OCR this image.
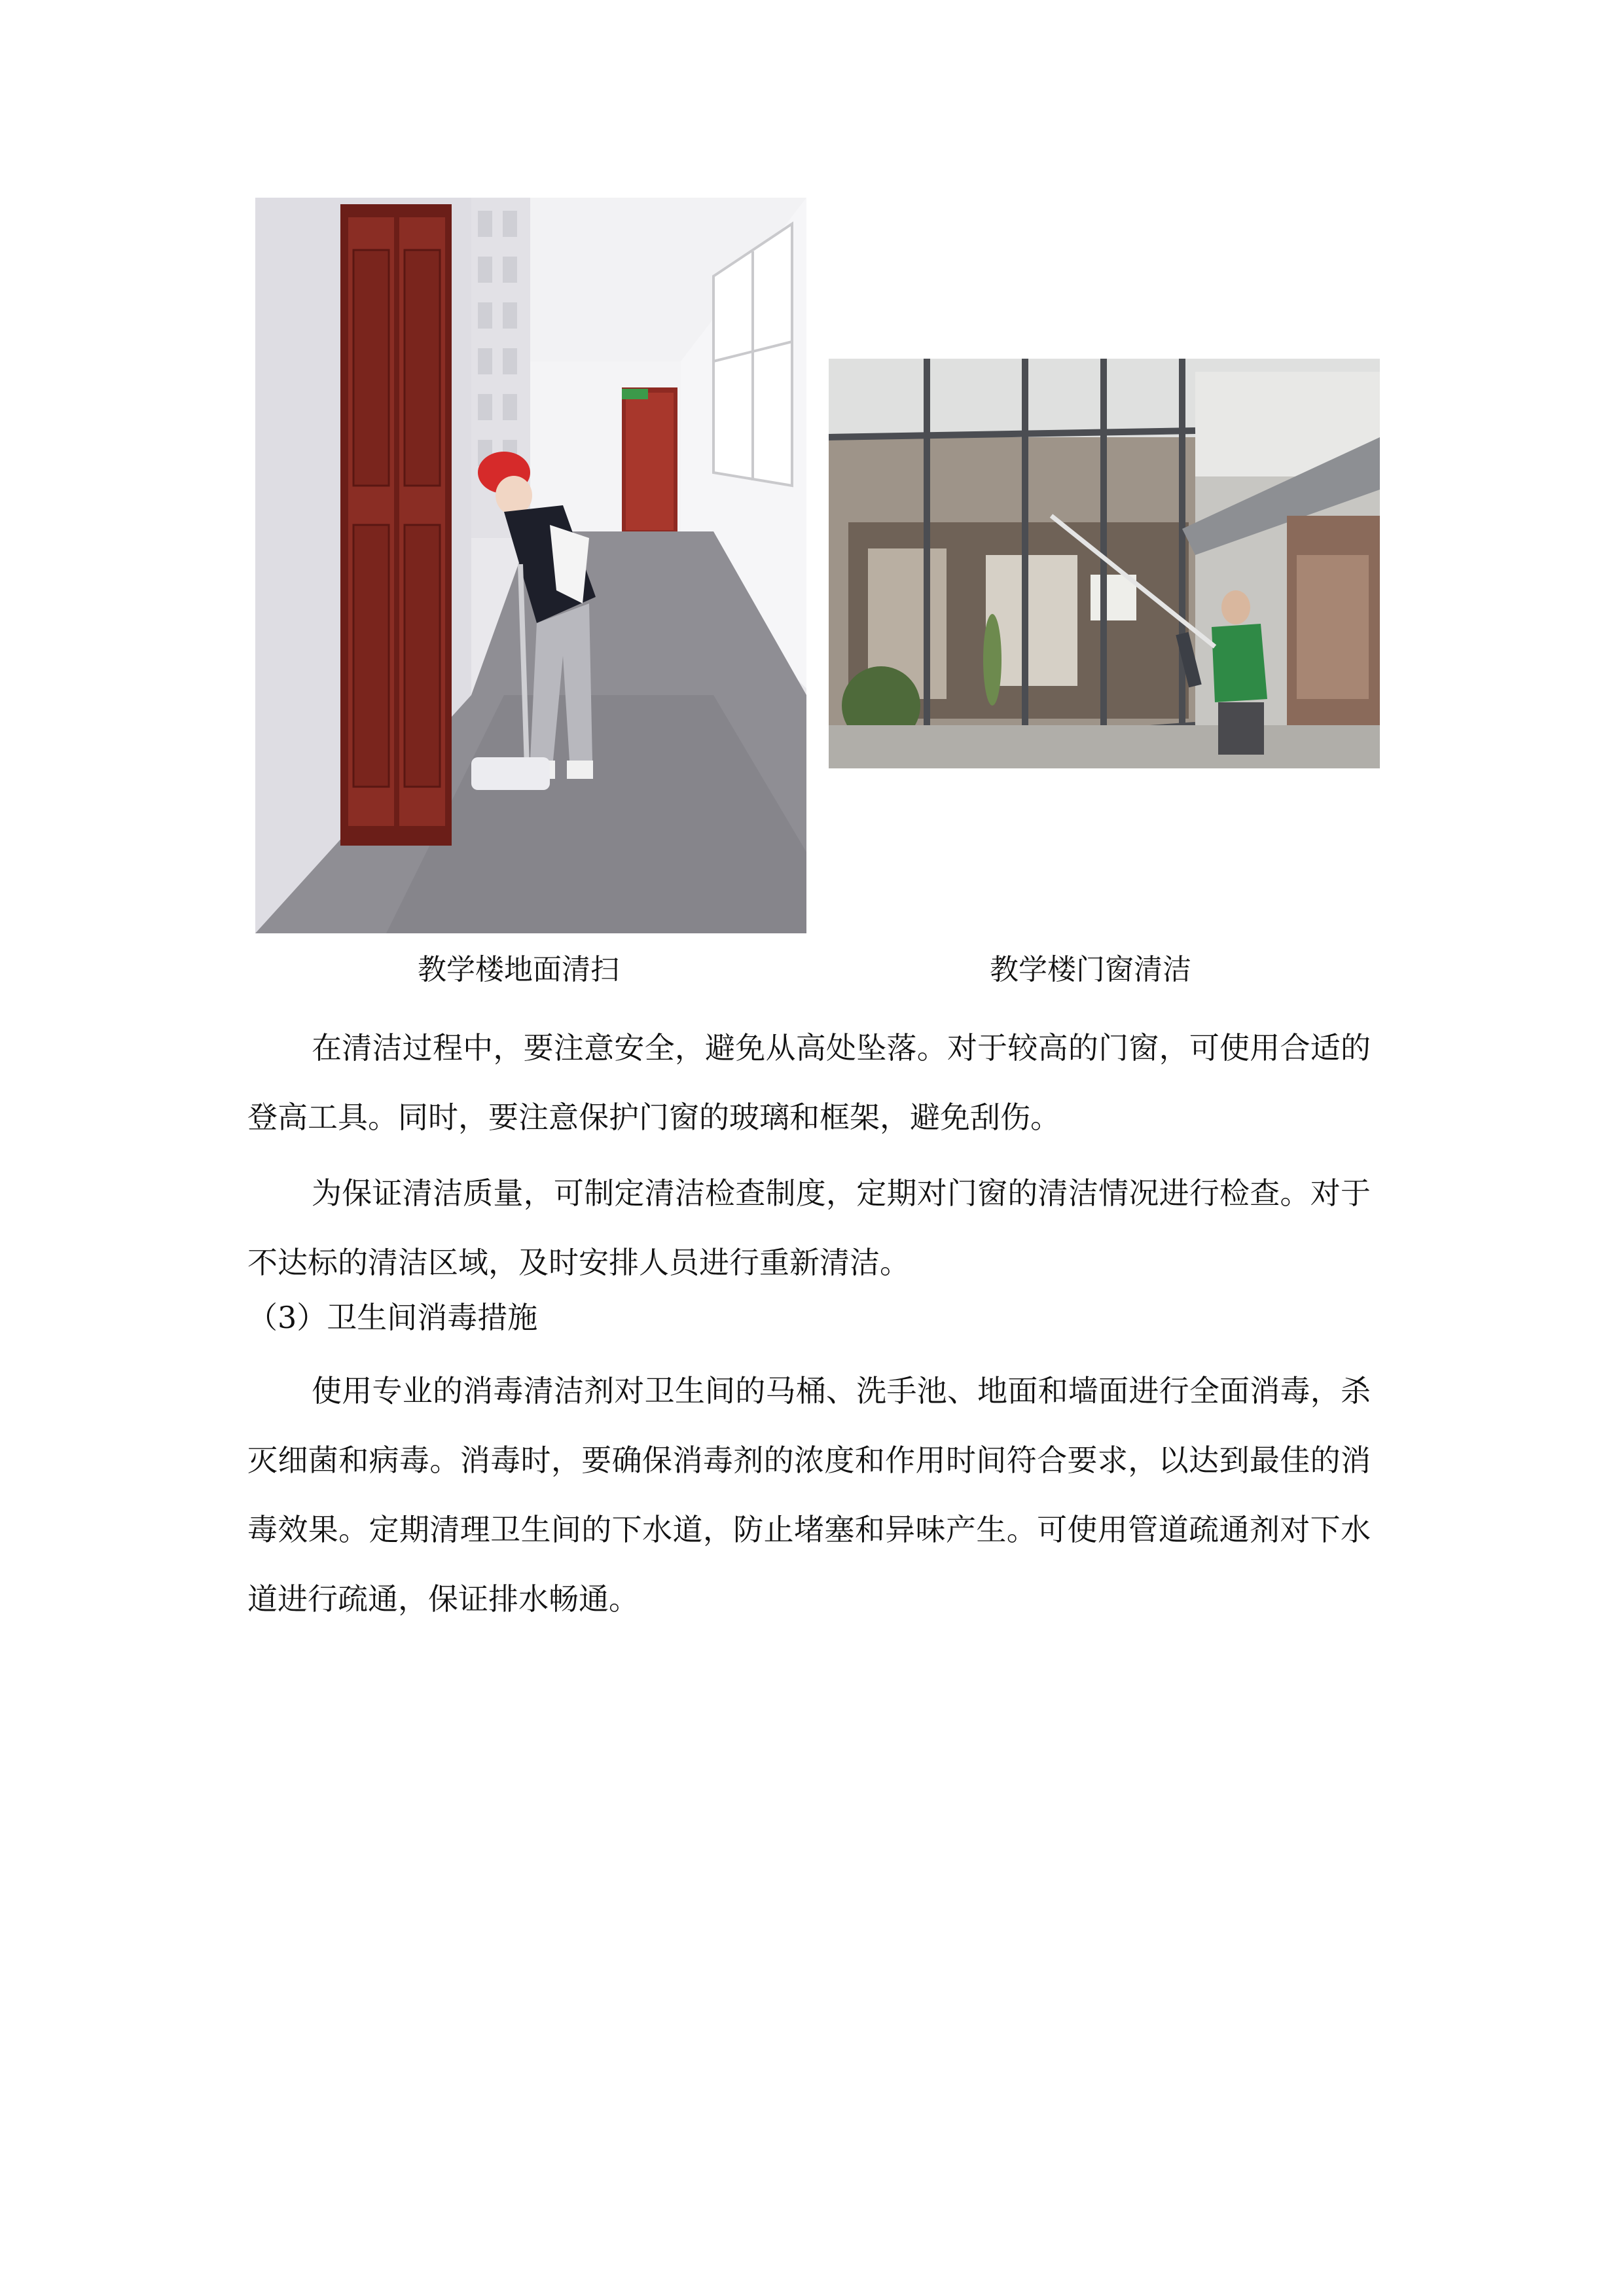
教学楼地面清扫	教学楼门窗清洁

在清洁过程中，要注意安全，避免从高处坠落。对于较高的门窗，可使用合适的登高工具。同时，要注意保护门窗的玻璃和框架，避免刮伤。

为保证清洁质量，可制定清洁检查制度，定期对门窗的清洁情况进行检查。对于不达标的清洁区域，及时安排人员进行重新清洁。

（3）卫生间消毒措施

使用专业的消毒清洁剂对卫生间的马桶、洗手池、地面和墙面进行全面消毒，杀灭细菌和病毒。消毒时，要确保消毒剂的浓度和作用时间符合要求，以达到最佳的消毒效果。定期清理卫生间的下水道，防止堵塞和异味产生。可使用管道疏通剂对下水道进行疏通，保证排水畅通。
